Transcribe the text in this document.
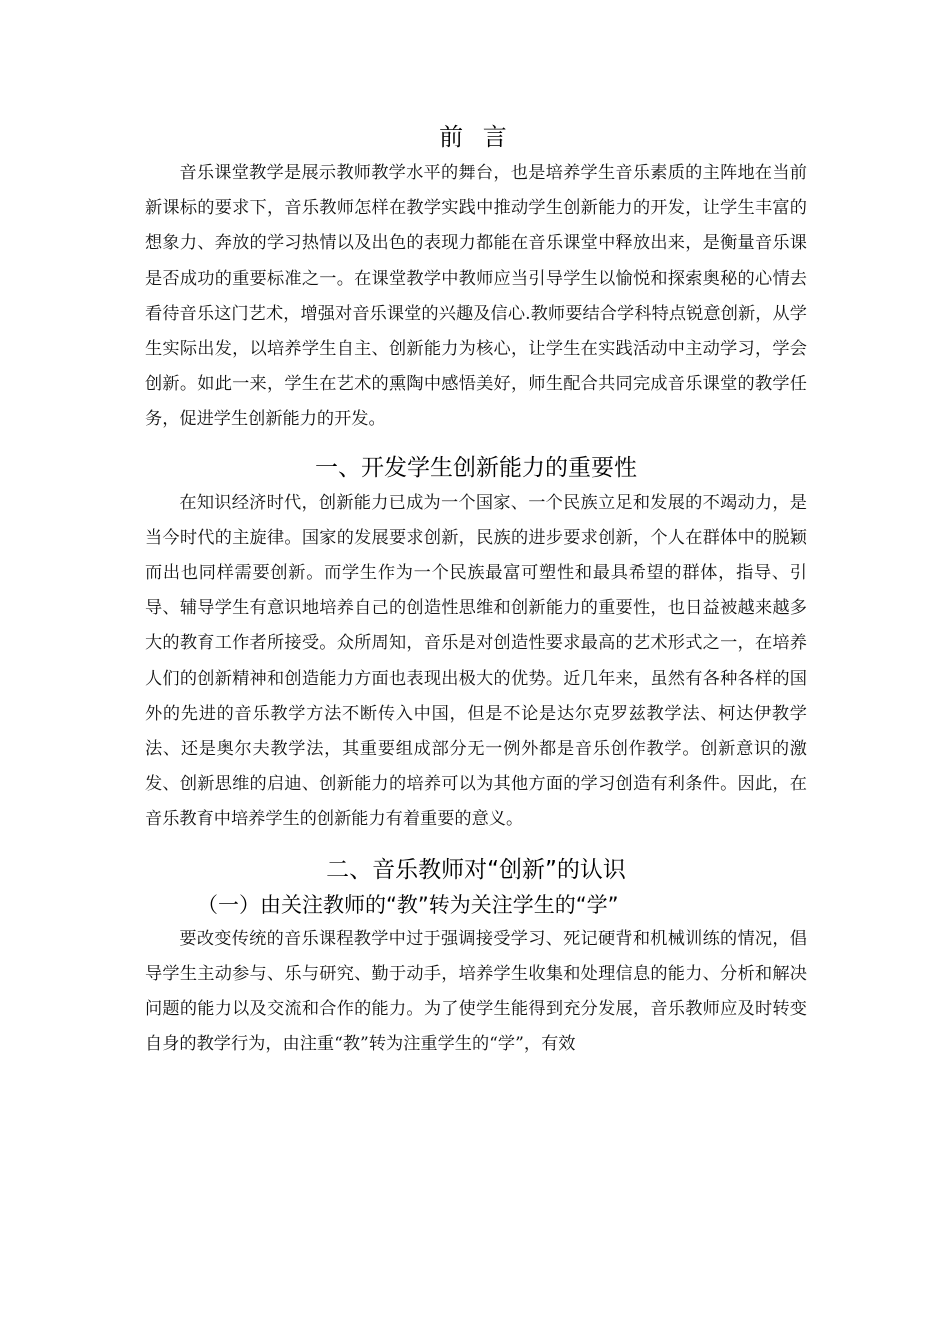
前 言

音乐课堂教学是展示教师教学水平的舞台，也是培养学生音乐素质的主阵地在当前新课标的要求下，音乐教师怎样在教学实践中推动学生创新能力的开发，让学生丰富的想象力、奔放的学习热情以及出色的表现力都能在音乐课堂中释放出来，是衡量音乐课是否成功的重要标准之一。在课堂教学中教师应当引导学生以愉悦和探索奥秘的心情去看待音乐这门艺术，增强对音乐课堂的兴趣及信心.教师要结合学科特点锐意创新，从学生实际出发，以培养学生自主、创新能力为核心，让学生在实践活动中主动学习，学会创新。如此一来，学生在艺术的熏陶中感悟美好，师生配合共同完成音乐课堂的教学任务，促进学生创新能力的开发。

一、开发学生创新能力的重要性

在知识经济时代，创新能力已成为一个国家、一个民族立足和发展的不竭动力，是当今时代的主旋律。国家的发展要求创新，民族的进步要求创新，个人在群体中的脱颖而出也同样需要创新。而学生作为一个民族最富可塑性和最具希望的群体，指导、引导、辅导学生有意识地培养自己的创造性思维和创新能力的重要性，也日益被越来越多大的教育工作者所接受。众所周知，音乐是对创造性要求最高的艺术形式之一，在培养人们的创新精神和创造能力方面也表现出极大的优势。近几年来，虽然有各种各样的国外的先进的音乐教学方法不断传入中国，但是不论是达尔克罗兹教学法、柯达伊教学法、还是奥尔夫教学法，其重要组成部分无一例外都是音乐创作教学。创新意识的激发、创新思维的启迪、创新能力的培养可以为其他方面的学习创造有利条件。因此，在音乐教育中培养学生的创新能力有着重要的意义。

二、音乐教师对“创新”的认识
（一）由关注教师的“教”转为关注学生的“学”

要改变传统的音乐课程教学中过于强调接受学习、死记硬背和机械训练的情况，倡导学生主动参与、乐与研究、勤于动手，培养学生收集和处理信息的能力、分析和解决问题的能力以及交流和合作的能力。为了使学生能得到充分发展，音乐教师应及时转变自身的教学行为，由注重“教”转为注重学生的“学”，有效
